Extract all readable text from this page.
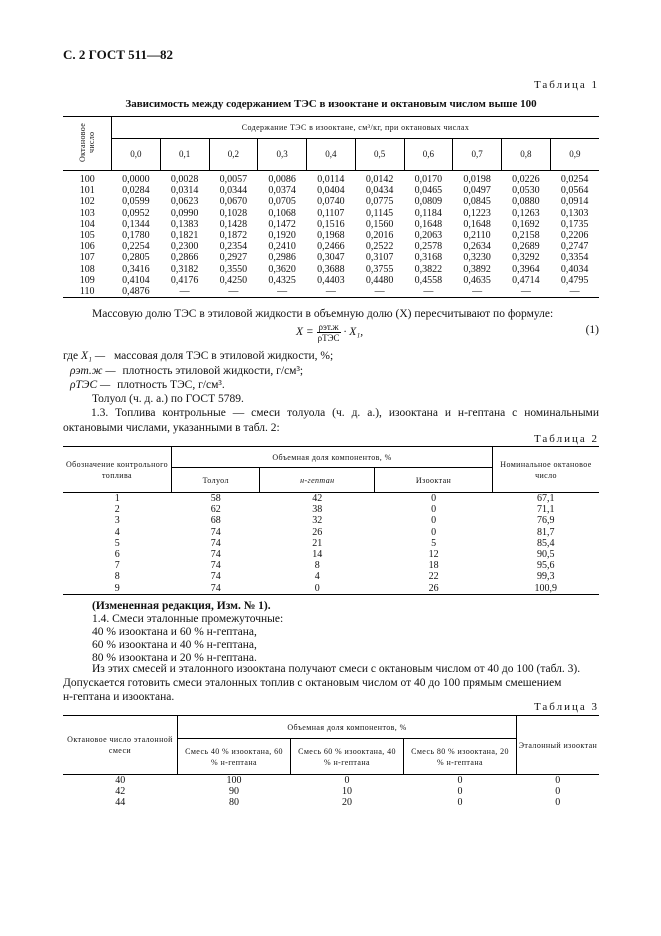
С. 2 ГОСТ 511—82
Таблица 1
Зависимость между содержанием ТЭС в изооктане и октановым числом выше 100
Октановое число	Содержание ТЭС в изооктане, см³/кг, при октановых числах									
	0,0	0,1	0,2	0,3	0,4	0,5	0,6	0,7	0,8	0,9
100	0,0000	0,0028	0,0057	0,0086	0,0114	0,0142	0,0170	0,0198	0,0226	0,0254
101	0,0284	0,0314	0,0344	0,0374	0,0404	0,0434	0,0465	0,0497	0,0530	0,0564
102	0,0599	0,0623	0,0670	0,0705	0,0740	0,0775	0,0809	0,0845	0,0880	0,0914
103	0,0952	0,0990	0,1028	0,1068	0,1107	0,1145	0,1184	0,1223	0,1263	0,1303
104	0,1344	0,1383	0,1428	0,1472	0,1516	0,1560	0,1648	0,1648	0,1692	0,1735
105	0,1780	0,1821	0,1872	0,1920	0,1968	0,2016	0,2063	0,2110	0,2158	0,2206
106	0,2254	0,2300	0,2354	0,2410	0,2466	0,2522	0,2578	0,2634	0,2689	0,2747
107	0,2805	0,2866	0,2927	0,2986	0,3047	0,3107	0,3168	0,3230	0,3292	0,3354
108	0,3416	0,3182	0,3550	0,3620	0,3688	0,3755	0,3822	0,3892	0,3964	0,4034
109	0,4104	0,4176	0,4250	0,4325	0,4403	0,4480	0,4558	0,4635	0,4714	0,4795
110	0,4876	—	—	—	—	—	—	—	—	—

Массовую долю ТЭС в этиловой жидкости в объемную долю (X) пересчитывают по формуле:

$X = \frac{\text{ρэт.ж}}{\text{ρТЭС}} \cdot X_1$,	(1)
где X₁ — массовая доля ТЭС в этиловой жидкости, %;
ρэт.ж — плотность этиловой жидкости, г/см³;
ρТЭС — плотность ТЭС, г/см³.

Толуол (ч. д. а.) по ГОСТ 5789.

1.3. Топлива контрольные — смеси толуола (ч. д. а.), изооктана и н-гептана с номинальными октановыми числами, указанными в табл. 2:

Таблица 2
Обозначение контрольного топлива	Объемная доля компонентов, %			Номинальное октановое число
	Толуол	н-гептан	Изооктан	
1	58	42	0	67,1
2	62	38	0	71,1
3	68	32	0	76,9
4	74	26	0	81,7
5	74	21	5	85,4
6	74	14	12	90,5
7	74	8	18	95,6
8	74	4	22	99,3
9	74	0	26	100,9

(Измененная редакция, Изм. № 1).

1.4. Смеси эталонные промежуточные:

40 % изооктана и 60 % н-гептана,

60 % изооктана и 40 % н-гептана,

80 % изооктана и 20 % н-гептана.

Из этих смесей и эталонного изооктана получают смеси с октановым числом от 40 до 100 (табл. 3).

Допускается готовить смеси эталонных топлив с октановым числом от 40 до 100 прямым смешением

н-гептана и изооктана.

Таблица 3
Октановое число эталонной смеси	Объемная доля компонентов, %			Эталонный изооктан
	Смесь 40 % изооктана, 60 % н-гептана	Смесь 60 % изооктана, 40 % н-гептана	Смесь 80 % изооктана, 20 % н-гептана	
40	100	0	0	0
42	90	10	0	0
44	80	20	0	0
